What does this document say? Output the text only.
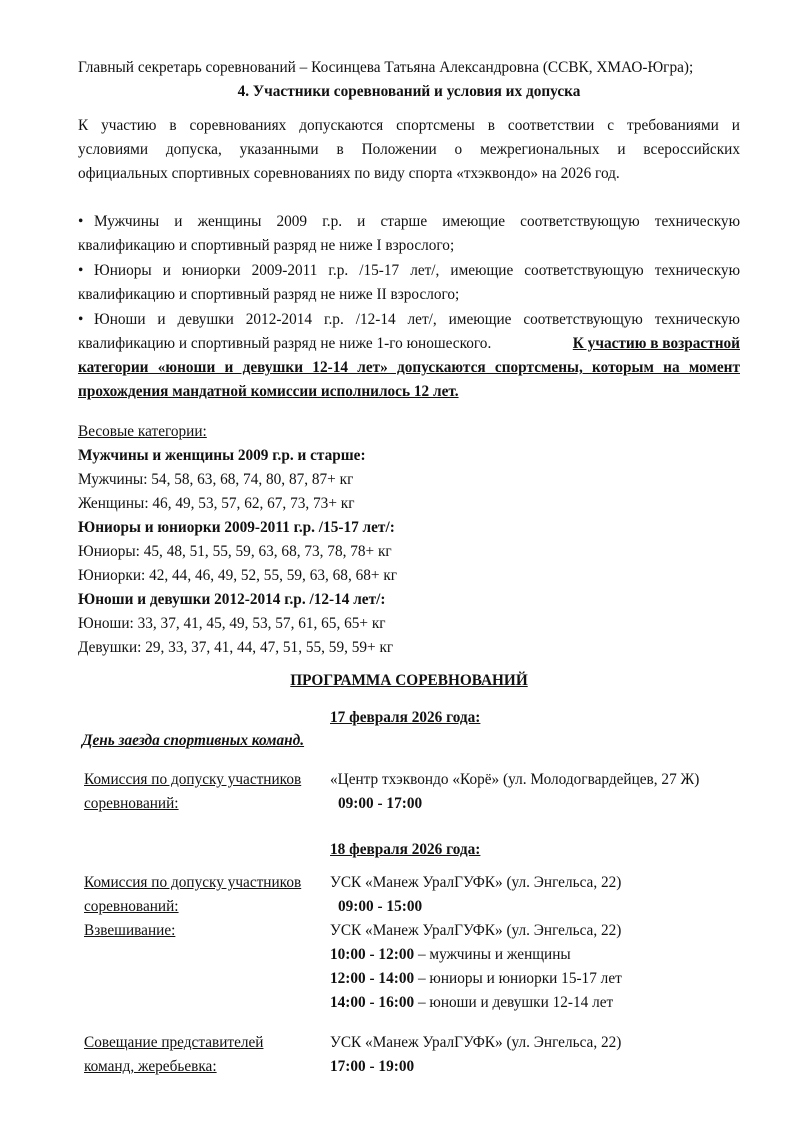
Главный секретарь соревнований – Косинцева Татьяна Александровна (ССВК, ХМАО-Югра);
4. Участники соревнований и условия их допуска
К участию в соревнованиях допускаются спортсмены в соответствии с требованиями и
условиями допуска, указанными в Положении о межрегиональных и всероссийских
официальных спортивных соревнованиях по виду спорта «тхэквондо» на 2026 год.
• Мужчины и женщины 2009 г.р. и старше имеющие соответствующую техническую
квалификацию и спортивный разряд не ниже I взрослого;
• Юниоры и юниорки 2009-2011 г.р. /15-17 лет/, имеющие соответствующую техническую
квалификацию и спортивный разряд не ниже II взрослого;
• Юноши и девушки 2012-2014 г.р. /12-14 лет/, имеющие соответствующую техническую
квалификацию и спортивный разряд не ниже 1-го юношеского.	К участию в возрастной
категории «юноши и девушки 12-14 лет» допускаются спортсмены, которым на момент
прохождения мандатной комиссии исполнилось 12 лет.
Весовые категории:
Мужчины и женщины 2009 г.р. и старше:
Мужчины: 54, 58, 63, 68, 74, 80, 87, 87+ кг
Женщины: 46, 49, 53, 57, 62, 67, 73, 73+ кг
Юниоры и юниорки 2009-2011 г.р. /15-17 лет/:
Юниоры: 45, 48, 51, 55, 59, 63, 68, 73, 78, 78+ кг
Юниорки: 42, 44, 46, 49, 52, 55, 59, 63, 68, 68+ кг
Юноши и девушки 2012-2014 г.р. /12-14 лет/:
Юноши: 33, 37, 41, 45, 49, 53, 57, 61, 65, 65+ кг
Девушки: 29, 33, 37, 41, 44, 47, 51, 55, 59, 59+ кг
ПРОГРАММА СОРЕВНОВАНИЙ
17 февраля 2026 года:
День заезда спортивных команд.
Комиссия по допуску участников
соревнований:
«Центр тхэквондо «Корё» (ул. Молодогвардейцев, 27 Ж)
09:00 - 17:00
18 февраля 2026 года:
Комиссия по допуску участников
соревнований:
УСК «Манеж УралГУФК» (ул. Энгельса, 22)
09:00 - 15:00
Взвешивание:	УСК «Манеж УралГУФК» (ул. Энгельса, 22)
10:00 - 12:00 – мужчины и женщины
12:00 - 14:00 – юниоры и юниорки 15-17 лет
14:00 - 16:00 – юноши и девушки 12-14 лет
Совещание представителей
команд, жеребьевка:
УСК «Манеж УралГУФК» (ул. Энгельса, 22)
17:00 - 19:00
